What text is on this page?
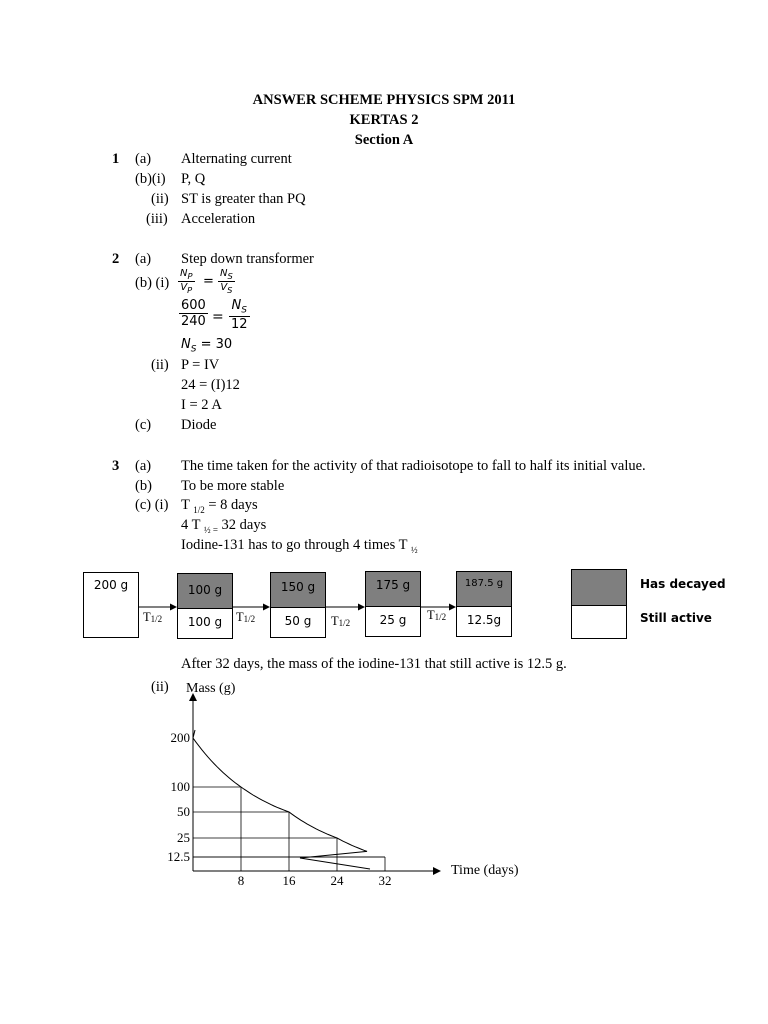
ANSWER SCHEME PHYSICS SPM 2011
KERTAS 2
Section A
1 (a) Alternating current
(b)(i) P, Q
(ii) ST is greater than PQ
(iii) Acceleration
2 (a) Step down transformer
(b) $(i) \frac{N_P}{V_P} = \frac{N_S}{V_S}$
$\frac{600}{240} = \frac{N_S}{12}$
$N_S = 30$
(ii) P = IV
24 = (I)12
I = 2 A
(c) Diode
3 (a) The time taken for the activity of that radioisotope to fall to half its initial value.
(b) To be more stable
(c) (i) T $_{1/2}$ = 8 days
4 T $_{\frac{1}{2} =}$ 32 days
Iodine-131 has to go through 4 times T $_{\frac{1}{2}}$
200 g
$T_{1/2}$	$T_{1/2}$	$T_{1/2}$
$T_{1/2}$
100 g
100 g
150 g
50 g
175 g
25 g
187.5 g
12.5g
Has decayed
Still active
After 32 days, the mass of the iodine-131 that still active is 12.5 g.
(ii)
12.5
25
50
100
200
8	16	24	32
Mass (g)
Time (days)
